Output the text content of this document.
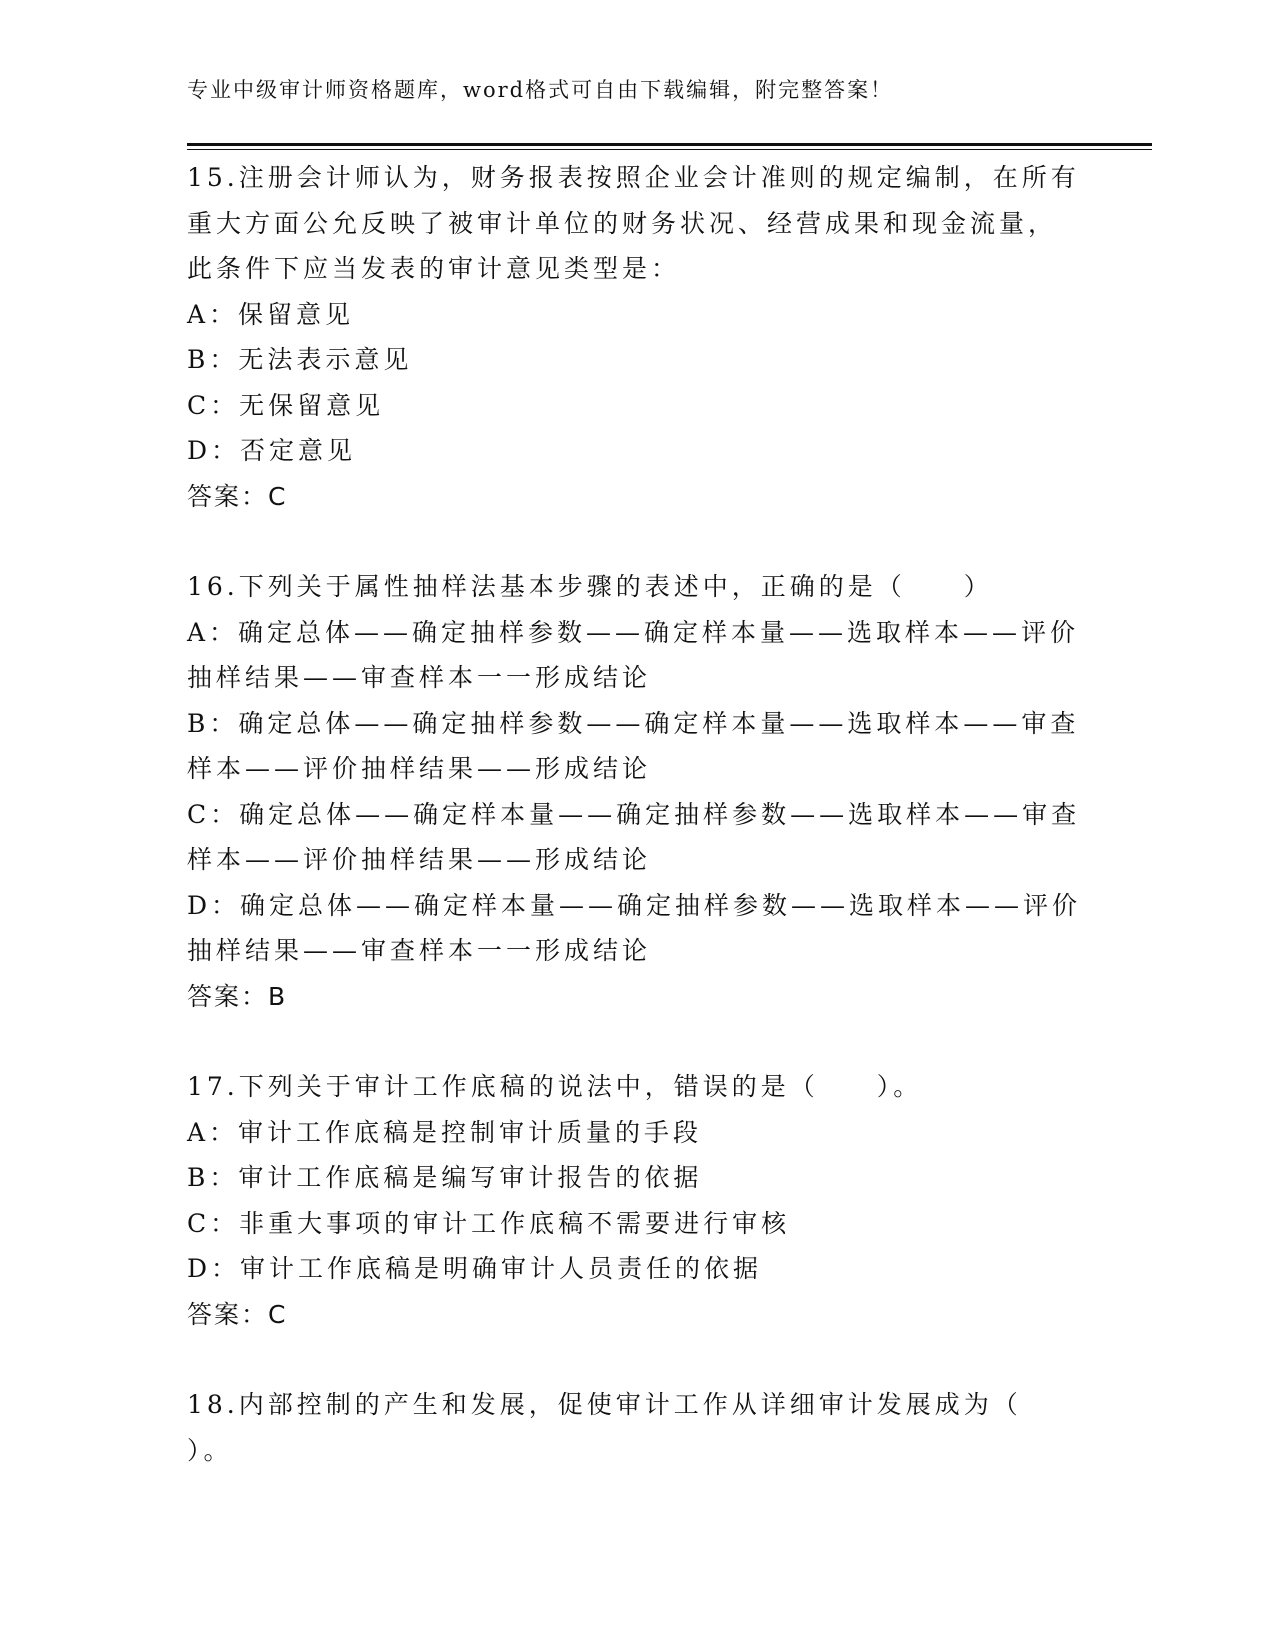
专业中级审计师资格题库，word格式可自由下载编辑，附完整答案！
15.注册会计师认为，财务报表按照企业会计准则的规定编制，在所有
重大方面公允反映了被审计单位的财务状况、经营成果和现金流量，
此条件下应当发表的审计意见类型是：
A：保留意见
B：无法表示意见
C：无保留意见
D：否定意见
答案：C
16.下列关于属性抽样法基本步骤的表述中，正确的是（　　）
A：确定总体——确定抽样参数——确定样本量——选取样本——评价
抽样结果——审查样本一一形成结论
B：确定总体——确定抽样参数——确定样本量——选取样本——审查
样本——评价抽样结果——形成结论
C：确定总体——确定样本量——确定抽样参数——选取样本——审查
样本——评价抽样结果——形成结论
D：确定总体——确定样本量——确定抽样参数——选取样本——评价
抽样结果——审查样本一一形成结论
答案：B
17.下列关于审计工作底稿的说法中，错误的是（　　）。
A：审计工作底稿是控制审计质量的手段
B：审计工作底稿是编写审计报告的依据
C：非重大事项的审计工作底稿不需要进行审核
D：审计工作底稿是明确审计人员责任的依据
答案：C
18.内部控制的产生和发展，促使审计工作从详细审计发展成为（
）。
